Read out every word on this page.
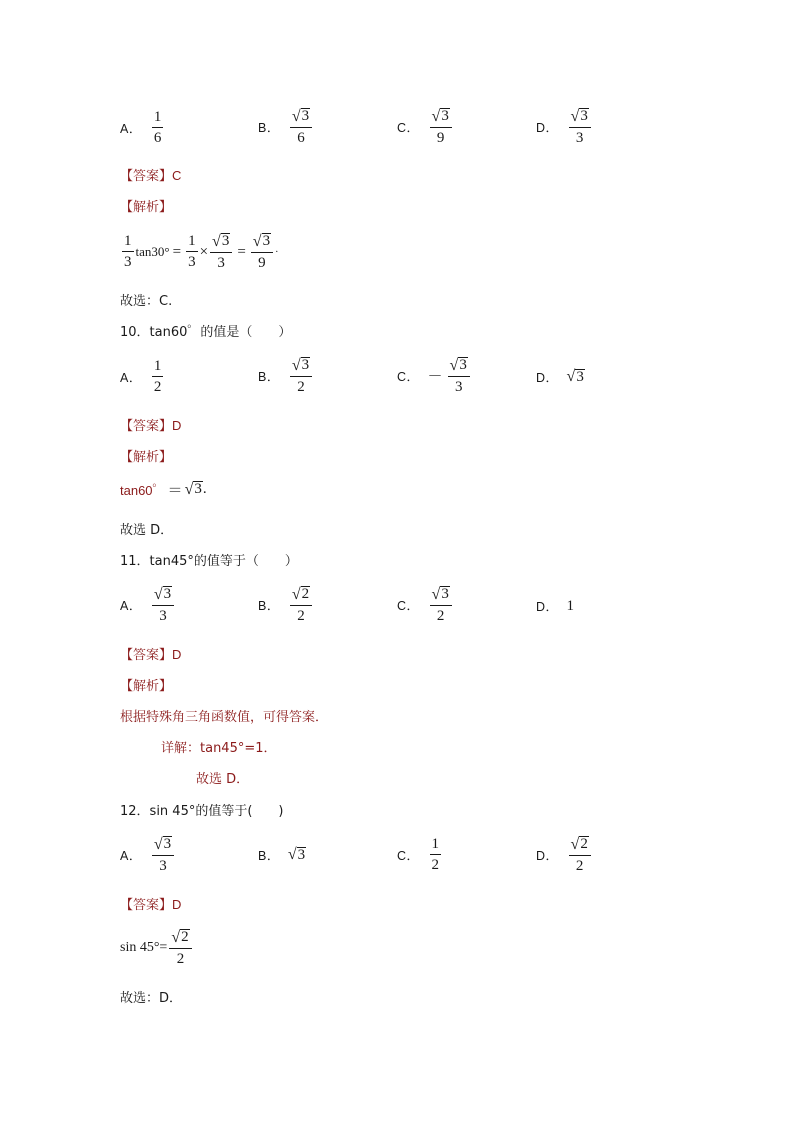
A． $\frac{1}{6}$	B． $\frac{√ 3}{6}$	C． $\frac{√ 3}{9}$	D． $\frac{√ 3}{3}$
【答案】C
【解析】
$\frac{1}{3} \tan 30^\circ = \frac{1}{3} \times \frac{√ 3}{3} = \frac{√ 3}{9}$ ·
故选：C.
10．tan60゜的值是（　　）
A． $\frac{1}{2}$	B． $\frac{√ 3}{2}$	C． － $\frac{√ 3}{3}$	D． √ 3
【答案】D
【解析】
tan60゜ ＝ √ 3 .
故选 D．
11．tan45°的值等于（　　）
A． $\frac{√ 3}{3}$	B． $\frac{√ 2}{2}$	C． $\frac{√ 3}{2}$	D． 1
【答案】D
【解析】
根据特殊角三角函数值，可得答案．
详解：tan45°=1．
故选 D．
12．sin 45°的值等于(　　)
A． $\frac{√ 3}{3}$	B． √ 3	C． $\frac{1}{2}$	D． $\frac{√ 2}{2}$
【答案】D
$\sin 45^\circ= \frac{√ 2}{2}$
故选：D．
